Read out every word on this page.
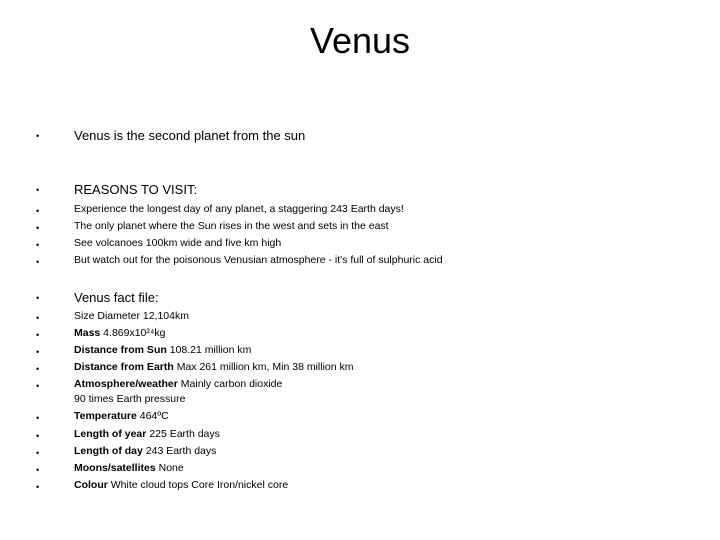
Venus
•	Venus is the second planet from the sun
•	REASONS TO VISIT:
•	Experience the longest day of any planet, a staggering 243 Earth days!
•	The only planet where the Sun rises in the west and sets in the east
•	See volcanoes 100km wide and five km high
•	But watch out for the poisonous Venusian atmosphere - it's full of sulphuric acid
•	Venus fact file:
•	Size Diameter 12,104km
•	Mass 4.869x10²⁴kg
•	Distance from Sun 108.21 million km
•	Distance from Earth Max 261 million km, Min 38 million km
•	Atmosphere/weather Mainly carbon dioxide
90 times Earth pressure
•	Temperature 464ºC
•	Length of year 225 Earth days
•	Length of day 243 Earth days
•	Moons/satellites None
•	Colour White cloud tops Core Iron/nickel core
